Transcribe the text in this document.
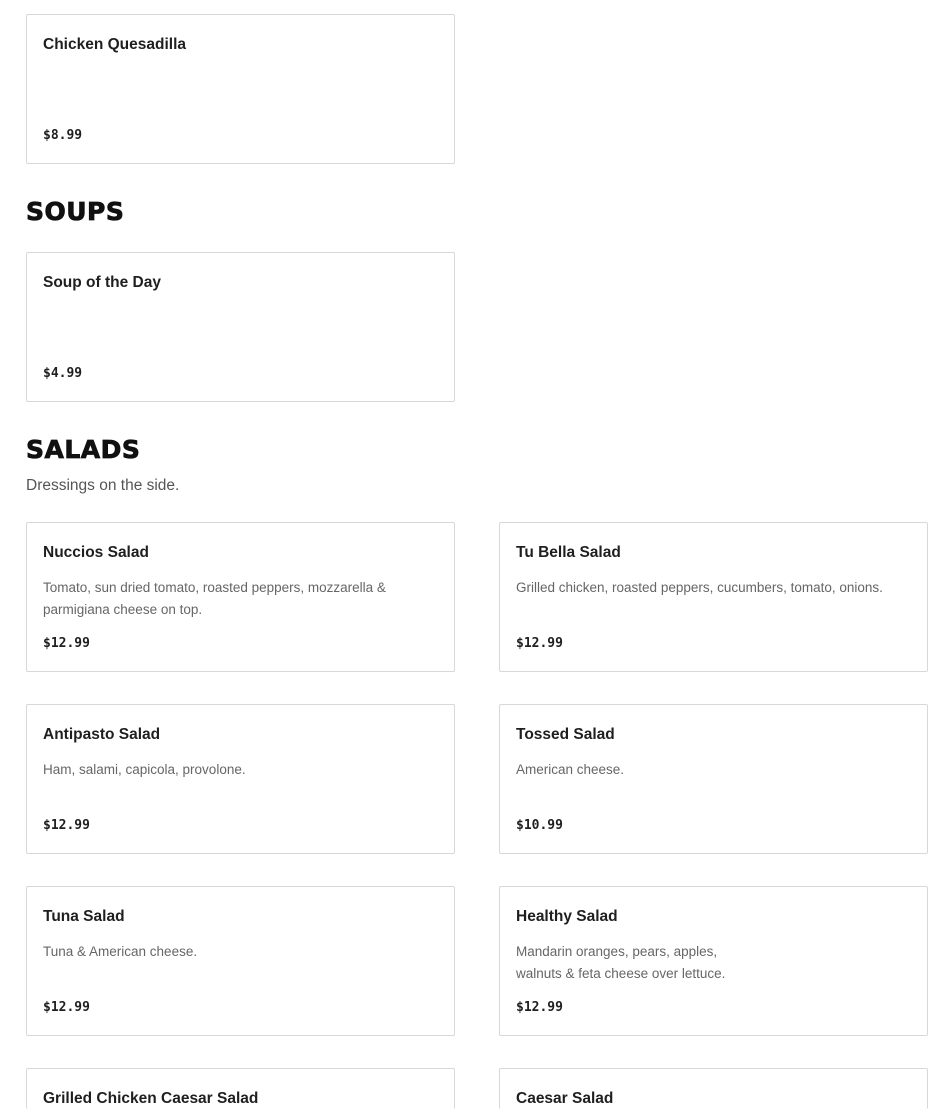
Chicken Quesadilla
$8.99
SOUPS
Soup of the Day
$4.99
SALADS
Dressings on the side.
Nuccios Salad
Tomato, sun dried tomato, roasted peppers, mozzarella &
parmigiana cheese on top.
$12.99
Tu Bella Salad
Grilled chicken, roasted peppers, cucumbers, tomato, onions.
$12.99
Antipasto Salad
Ham, salami, capicola, provolone.
$12.99
Tossed Salad
American cheese.
$10.99
Tuna Salad
Tuna & American cheese.
$12.99
Healthy Salad
Mandarin oranges, pears, apples,
walnuts & feta cheese over lettuce.
$12.99
Grilled Chicken Caesar Salad	Caesar Salad
